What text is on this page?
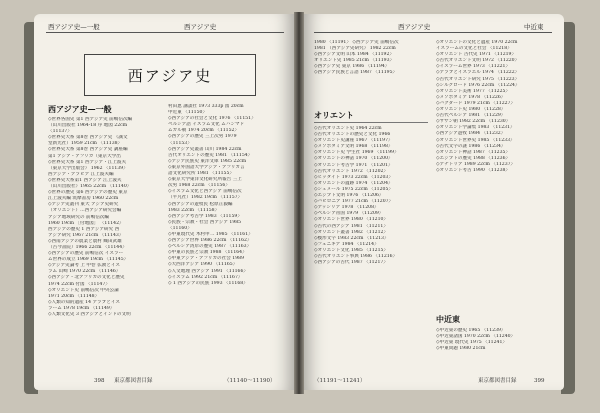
西アジア史—一般	西アジア史
西アジア史
西アジア史—一般
◇世界各国史 第1 西アジア史 前嶋信次編
（山川出版社 1964-18 序 地図 22cm
〈11137〉
◇世界史大系 第8巻 西アジア史 （誠文
堂新光社）1959 21cm 〈11138〉
◇世界史大系 第8巻 西アジア史 講座編
第1 アジア・アフリカ（東京大学出
◇世界史大系 第1 西アジア・江上波夫
（東京大学出版会） 1962 〈11139〉
西アジア・アラビア 江上波夫編
◇世界史大系第1 西アジア 江上波夫
（山川出版社）1965 22cm 〈11140〉
◇世界の歴史 第6 西アジアの歴史 東京
江上波夫編 筑摩書房 1960 22cm
◇アジア史叢刊 東大 アジア史研究
（オリエント）…西アジア研究会編
アジア地域研究の 前嶋信次編
1960 19cm ［付地図］ 〈11142〉
西アジアの歴史 1 西アジア研究 西
アジア研究 1967 21cm 〈11143〉
◇西南アジアの農業と農村 織田武雄
（古今書院）1966 22cm 〈11144〉
◇西アジアの歴史 前嶋信次 イスラー
ム世界の成立 1969 19cm 〈11145〉
◇アジア史論考 上 中巻 仏教とイス
ラム 山崎 1970 22cm 〈11146〉
◇西アジア・北アフリカの文化と歴史
1974 22cm 付図 〈11147〉
◇オリエント史 前嶋信次 中央公論
1971 20cm 〈11148〉
◇人類の知的遺産 14 アラブとイス
ラーム 1978 19cm 〈11149〉
◇人類文化史 3 西アジアとインドの文明
村田恵 講談社 1973 333p 図 20cm
中近東 〈11150〉
◇西アジアの社会と文化 1976 〈11151〉
ペルシア語 イスラム文化 ムハンマド
ムガル朝 1974 20cm 〈11152〉
◇西アジアの歴史 三上次男 1979
〈11153〉
◇西アジア史叢書 山川 1984 22cm
古代オリエントの歴史 1981 〈11154〉
◇アジア民族史 東洋文庫 1985 22cm
◇東京外国語大学アジア・アフリカ言
語文化研究所 1981 〈11155〉
◇東京大学東洋文化研究所報告 三上
次男 1968 22cm 〈11156〉
◇イスラム文化と西アジア 前嶋信次
（平凡社）1982 19cm 〈11157〉
◇西アジアの遊牧民 松原正毅編
1983 22cm 〈11158〉
◇西アジア考古学 1983 〈11159〉
◇民族・宗教・社会 西アジア 1985
〈11160〉
◇中東現代史 木村申二 1985 〈11161〉
◇西アジア世界 1986 22cm 〈11162〉
◇ペルシア湾岸の歴史 1987 〈11163〉
◇中東の民族と宗教 1988 〈11164〉
◇中東アジア・アフリカの社会 1989
◇大西洋アジア 1990 〈11165〉
◇人文地理 西アジア 1991 〈11166〉
◇イスラム 1992 21cm 〈11167〉
◇ 1 西アジアの民族 1993 〈11168〉
398 東京都図書目録	（11140～11190）
西アジア史	中近東
1980 〈11191〉 ◇西アジア史 前嶋信次
1981 （西アジア史研究） 1982 22cm
◇西アジア文明 山本 1984 〈11192〉
オリエント史 1985 21cm 〈11193〉
◇西アジア史 東京 1986 〈11194〉
◇西アジア民族と言語 1987 〈11195〉
オリエント
◇古代オリエント史 1964 22cm
◇古代オリエントの歴史と文化 1966
◇オリエント史講座 1967 〈11197〉
◇メソポタミア文明 1968 〈11198〉
◇オリエント史 学生社 1969 〈11199〉
◇オリエントの神話 1970 〈11200〉
◇オリエント考古学 1971 〈11201〉
◇古代オリエント 1972 〈11202〉
◇ヒッタイト 1973 22cm 〈11203〉
◇オリエントの遺跡 1974 〈11204〉
◇シュメール 1975 22cm 〈11205〉
◇エジプト文明 1976 〈11206〉
◇バビロニア 1977 21cm 〈11207〉
◇アッシリア 1978 〈11208〉
◇ペルシア帝国 1979 〈11209〉
◇オリエント世界 1980 〈11210〉
◇古代の西アジア 1981 〈11211〉
◇オリエント叢書 1982 〈11212〉
◇楔形文字 1983 22cm 〈11213〉
◇フェニキア 1984 〈11214〉
◇オリエント文化 1985 〈11215〉
◇古代オリエント事典 1986 〈11216〉
◇西アジアの古代 1987 〈11217〉
◇オリエントの文化と遺産 1970 22cm
イスラームの文化と社会 〈11218〉
◇オリエント 古代史 1971 〈11219〉
◇古代オリエント文明 1972 〈11220〉
◇イスラーム世界 1973 〈11221〉
◇アラブとイスラエル 1974 〈11222〉
◇古代オリエント研究 1975 〈11223〉
◇シルクロード 1976 22cm 〈11224〉
◇オリエント美術 1977 〈11225〉
◇メソポタミア 1978 〈11226〉
◇バグダード 1979 21cm 〈11227〉
◇オリエント史 1980 〈11228〉
◇古代ペルシア 1981 〈11229〉
◇ササン朝 1982 22cm 〈11230〉
◇オリエント学論集 1983 〈11231〉
◇西アジア遊牧 1984 〈11232〉
◇オリエント世界史 1985 〈11233〉
◇古代文字の謎 1986 〈11234〉
◇オリエント神話 1987 〈11235〉
◇エジプトの歴史 1988 〈11236〉
◇アナトリア 1989 22cm 〈11237〉
◇オリエント考古 1990 〈11238〉
中近東
◇中近東の歴史 1965 〈11239〉
◇中近東諸国 1970 22cm 〈11240〉
◇中近東 現代史 1975 〈11241〉
◇中東問題 1980 21cm
（11191～11241）	東京都図書目録	399
